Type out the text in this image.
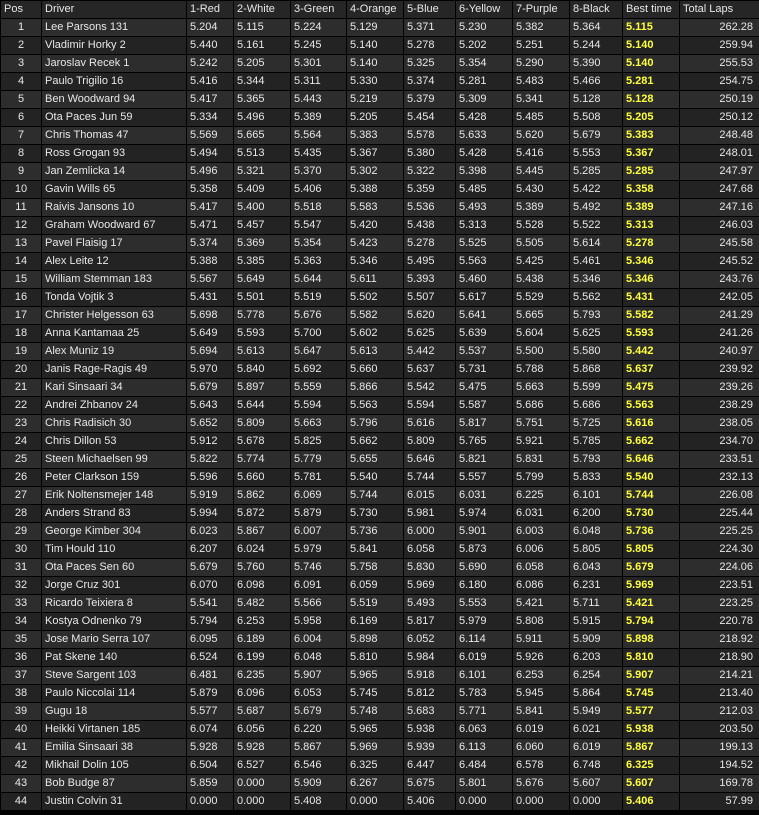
Pos	Driver	1-Red	2-White	3-Green	4-Orange	5-Blue	6-Yellow	7-Purple	8-Black	Best time	Total Laps
1	Lee Parsons 131	5.204	5.115	5.224	5.129	5.371	5.230	5.382	5.364	5.115	262.28
2	Vladimir Horky 2	5.440	5.161	5.245	5.140	5.278	5.202	5.251	5.244	5.140	259.94
3	Jaroslav Recek 1	5.242	5.205	5.301	5.140	5.325	5.354	5.290	5.390	5.140	255.53
4	Paulo Trigilio 16	5.416	5.344	5.311	5.330	5.374	5.281	5.483	5.466	5.281	254.75
5	Ben Woodward 94	5.417	5.365	5.443	5.219	5.379	5.309	5.341	5.128	5.128	250.19
6	Ota Paces Jun 59	5.334	5.496	5.389	5.205	5.454	5.428	5.485	5.508	5.205	250.12
7	Chris Thomas 47	5.569	5.665	5.564	5.383	5.578	5.633	5.620	5.679	5.383	248.48
8	Ross Grogan 93	5.494	5.513	5.435	5.367	5.380	5.428	5.416	5.553	5.367	248.01
9	Jan Zemlicka 14	5.496	5.321	5.370	5.302	5.322	5.398	5.445	5.285	5.285	247.97
10	Gavin Wills 65	5.358	5.409	5.406	5.388	5.359	5.485	5.430	5.422	5.358	247.68
11	Raivis Jansons 10	5.417	5.400	5.518	5.583	5.536	5.493	5.389	5.492	5.389	247.16
12	Graham Woodward 67	5.471	5.457	5.547	5.420	5.438	5.313	5.528	5.522	5.313	246.03
13	Pavel Flaisig 17	5.374	5.369	5.354	5.423	5.278	5.525	5.505	5.614	5.278	245.58
14	Alex Leite 12	5.388	5.385	5.363	5.346	5.495	5.563	5.425	5.461	5.346	245.52
15	William Stemman 183	5.567	5.649	5.644	5.611	5.393	5.460	5.438	5.346	5.346	243.76
16	Tonda Vojtik 3	5.431	5.501	5.519	5.502	5.507	5.617	5.529	5.562	5.431	242.05
17	Christer Helgesson 63	5.698	5.778	5.676	5.582	5.620	5.641	5.665	5.793	5.582	241.29
18	Anna Kantamaa 25	5.649	5.593	5.700	5.602	5.625	5.639	5.604	5.625	5.593	241.26
19	Alex Muniz 19	5.694	5.613	5.647	5.613	5.442	5.537	5.500	5.580	5.442	240.97
20	Janis Rage-Ragis 49	5.970	5.840	5.692	5.660	5.637	5.731	5.788	5.868	5.637	239.92
21	Kari Sinsaari 34	5.679	5.897	5.559	5.866	5.542	5.475	5.663	5.599	5.475	239.26
22	Andrei Zhbanov 24	5.643	5.644	5.594	5.563	5.594	5.587	5.686	5.686	5.563	238.29
23	Chris Radisich 30	5.652	5.809	5.663	5.796	5.616	5.817	5.751	5.725	5.616	238.05
24	Chris Dillon 53	5.912	5.678	5.825	5.662	5.809	5.765	5.921	5.785	5.662	234.70
25	Steen Michaelsen 99	5.822	5.774	5.779	5.655	5.646	5.821	5.831	5.793	5.646	233.51
26	Peter Clarkson 159	5.596	5.660	5.781	5.540	5.744	5.557	5.799	5.833	5.540	232.13
27	Erik Noltensmejer 148	5.919	5.862	6.069	5.744	6.015	6.031	6.225	6.101	5.744	226.08
28	Anders Strand 83	5.994	5.872	5.879	5.730	5.981	5.974	6.031	6.200	5.730	225.44
29	George Kimber 304	6.023	5.867	6.007	5.736	6.000	5.901	6.003	6.048	5.736	225.25
30	Tim Hould 110	6.207	6.024	5.979	5.841	6.058	5.873	6.006	5.805	5.805	224.30
31	Ota Paces Sen 60	5.679	5.760	5.746	5.758	5.830	5.690	6.058	6.043	5.679	224.06
32	Jorge Cruz 301	6.070	6.098	6.091	6.059	5.969	6.180	6.086	6.231	5.969	223.51
33	Ricardo Teixiera 8	5.541	5.482	5.566	5.519	5.493	5.553	5.421	5.711	5.421	223.25
34	Kostya Odnenko 79	5.794	6.253	5.958	6.169	5.817	5.979	5.808	5.915	5.794	220.78
35	Jose Mario Serra 107	6.095	6.189	6.004	5.898	6.052	6.114	5.911	5.909	5.898	218.92
36	Pat Skene 140	6.524	6.199	6.048	5.810	5.984	6.019	5.926	6.203	5.810	218.90
37	Steve Sargent 103	6.481	6.235	5.907	5.965	5.918	6.101	6.253	6.254	5.907	214.21
38	Paulo Niccolai 114	5.879	6.096	6.053	5.745	5.812	5.783	5.945	5.864	5.745	213.40
39	Gugu 18	5.577	5.687	5.679	5.748	5.683	5.771	5.841	5.949	5.577	212.03
40	Heikki Virtanen 185	6.074	6.056	6.220	5.965	5.938	6.063	6.019	6.021	5.938	203.50
41	Emilia Sinsaari 38	5.928	5.928	5.867	5.969	5.939	6.113	6.060	6.019	5.867	199.13
42	Mikhail Dolin 105	6.504	6.527	6.546	6.325	6.447	6.484	6.578	6.748	6.325	194.52
43	Bob Budge 87	5.859	0.000	5.909	6.267	5.675	5.801	5.676	5.607	5.607	169.78
44	Justin Colvin 31	0.000	0.000	5.408	0.000	5.406	0.000	0.000	0.000	5.406	57.99
